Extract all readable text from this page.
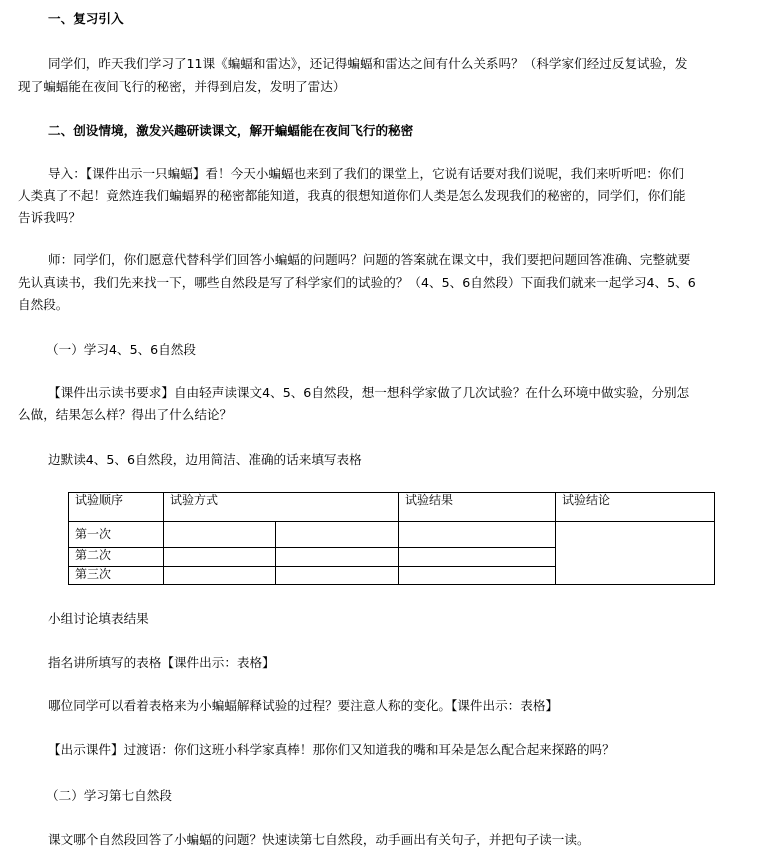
一、复习引入
同学们，昨天我们学习了11课《蝙蝠和雷达》，还记得蝙蝠和雷达之间有什么关系吗？（科学家们经过反复试验，发
现了蝙蝠能在夜间飞行的秘密，并得到启发，发明了雷达）
二、创设情境，激发兴趣研读课文，解开蝙蝠能在夜间飞行的秘密
导入：【课件出示一只蝙蝠】看！今天小蝙蝠也来到了我们的课堂上，它说有话要对我们说呢，我们来听听吧：你们
人类真了不起！竟然连我们蝙蝠界的秘密都能知道，我真的很想知道你们人类是怎么发现我们的秘密的，同学们，你们能
告诉我吗？
师：同学们，你们愿意代替科学们回答小蝙蝠的问题吗？问题的答案就在课文中，我们要把问题回答准确、完整就要
先认真读书，我们先来找一下，哪些自然段是写了科学家们的试验的？（4、5、6自然段）下面我们就来一起学习4、5、6
自然段。
（一）学习4、5、6自然段
【课件出示读书要求】自由轻声读课文4、5、6自然段，想一想科学家做了几次试验？在什么环境中做实验，分别怎
么做，结果怎么样？得出了什么结论？
边默读4、5、6自然段，边用简洁、准确的话来填写表格
试验顺序	试验方式		试验结果	试验结论
第一次				
第二次				
第三次				
小组讨论填表结果
指名讲所填写的表格【课件出示：表格】
哪位同学可以看着表格来为小蝙蝠解释试验的过程？要注意人称的变化。【课件出示：表格】
【出示课件】过渡语：你们这班小科学家真棒！那你们又知道我的嘴和耳朵是怎么配合起来探路的吗？
（二）学习第七自然段
课文哪个自然段回答了小蝙蝠的问题？快速读第七自然段，动手画出有关句子，并把句子读一读。
